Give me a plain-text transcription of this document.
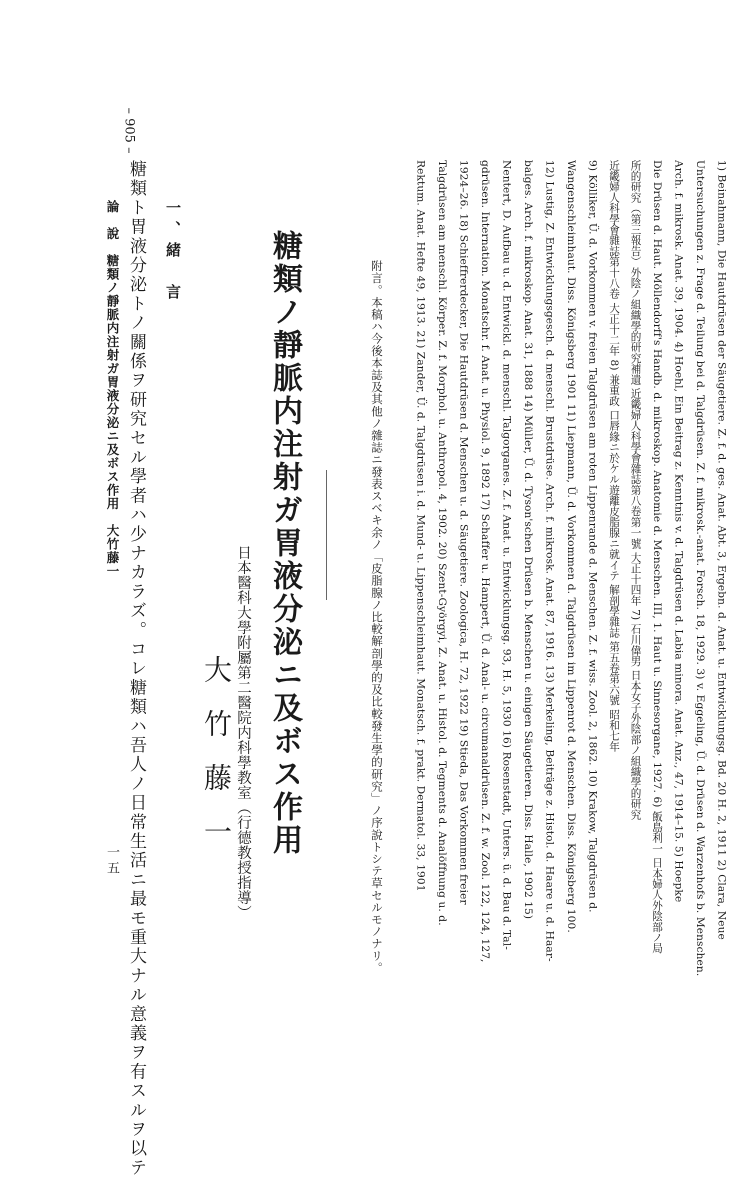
– 905 –
1) Beinahmann, Die Hautdrüsen der Säugetiere. Z. f. d. ges. Anat. Abt. 3, Ergebn. d. Anat. u. Entwicklungsg. Bd. 20 H. 2, 1911 2) Clara, Neue
Untersuchungen z. Frage d. Teilung bei d. Talgdrüsen. Z. f. mikrosk.-anat. Forsch. 18, 1929. 3) v. Eggeling, Ü. d. Drüsen d. Warzenhofs b. Menschen.
Arch. f. mikrosk. Anat. 39, 1904. 4) Hoehl, Ein Beitrag z. Kenntnis v. d. Talgdrüsen d. Labia minora. Anat. Anz., 47, 1914–15. 5) Hoepke
Die Drüsen d. Haut. Möllendorff's Handb. d. mikroskop. Anatomie d. Menschen. III, 1. Haut u. Sinnesorgane, 1927. 6) 飯島利一 日本婦人外陰部ノ局
所的研究（第三報告）外陰ノ組織學的研究補遺 近畿婦人科學會雜誌第八卷第一號 大正十四年 7) 石川偉男 日本女子外陰部ノ組織學的研究
近畿婦人科學會雜誌第十八卷 大正十二年 8) 兼重政 口唇緣ニ於ケル遊離皮脂腺ニ就イテ 解剖學雜誌 第五卷第六號 昭和七年
9) Kölliker, Ü. d. Vorkommen v. freien Talgdrüsen am roten Lippenrande d. Menschen. Z. f. wiss. Zool. 2, 1862. 10) Krakow, Talgdrüsen d.
Wangenschleimhaut. Diss. Königsberg 1901 11) Liepmann, Ü. d. Vorkommen d. Talgdrüsen im Lippenrot d. Menschen. Diss. Königsberg 100.
12) Lustig, Z. Entwicklungsgesch. d. menschl. Brustdrüse. Arch. f. mikrosk. Anat. 87, 1916. 13) Merkeling, Beiträge z. Histol. d. Haare u. d. Haar-
balges. Arch. f. mikroskop. Anat. 31, 1888 14) Müller, Ü. d. Tyson'schen Drüsen b. Menschen u. einigen Säugetieren. Diss. Halle, 1902 15)
Nentert, D. Aufbau u. d. Entwickl. d. menschl. Talgorganes. Z. f. Anat. u. Entwicklungsg. 93, H. 5, 1930 16) Rosenstadt, Unters. ü. d. Bau d. Tal-
gdrüsen. Internation. Monatschr. f. Anat. u. Physiol. 9, 1892 17) Schaffer u. Hampert, Ü. d. Anal- u. circumanaldrüsen. Z. f. w. Zool. 122, 124, 127,
1924–26. 18) Schieffrerdecker, Die Hautdrüsen d. Menschen u. d. Säugetiere. Zoologica, H. 72, 1922 19) Stieda, Das Vorkommen freier
Talgdrüsen am menschl. Körper. Z. f. Morphol. u. Anthropol. 4, 1902. 20) Szent-Györgyi, Z. Anat. u. Histol. d. Tegments d. Analöffnung u. d.
Rektum. Anat. Hefte 49, 1913. 21) Zander, Ü. d. Talgdrüsen i. d. Mund- u. Lippenschleimhaut. Monatsch. f. prakt. Dermatol. 33, 1901
附言。本稿ハ今後本誌及其他ノ雜誌ニ發表スベキ余ノ「皮脂腺ノ比較解剖學的及比較發生學的研究」ノ序說トシテ草セルモノナリ。
糖類ノ靜脈内注射ガ胃液分泌ニ及ボス作用
日本醫科大學附屬第二醫院内科學教室（行德教授指導）
大竹藤一
一、緒　言
糖類ト胃液分泌トノ關係ヲ研究セル學者ハ少ナカラズ。コレ糖類ハ吾人ノ日常生活ニ最モ重大ナル意義ヲ有スルヲ以テ
論　說　糖類ノ靜脈内注射ガ胃液分泌ニ及ボス作用　大竹藤一
一五
